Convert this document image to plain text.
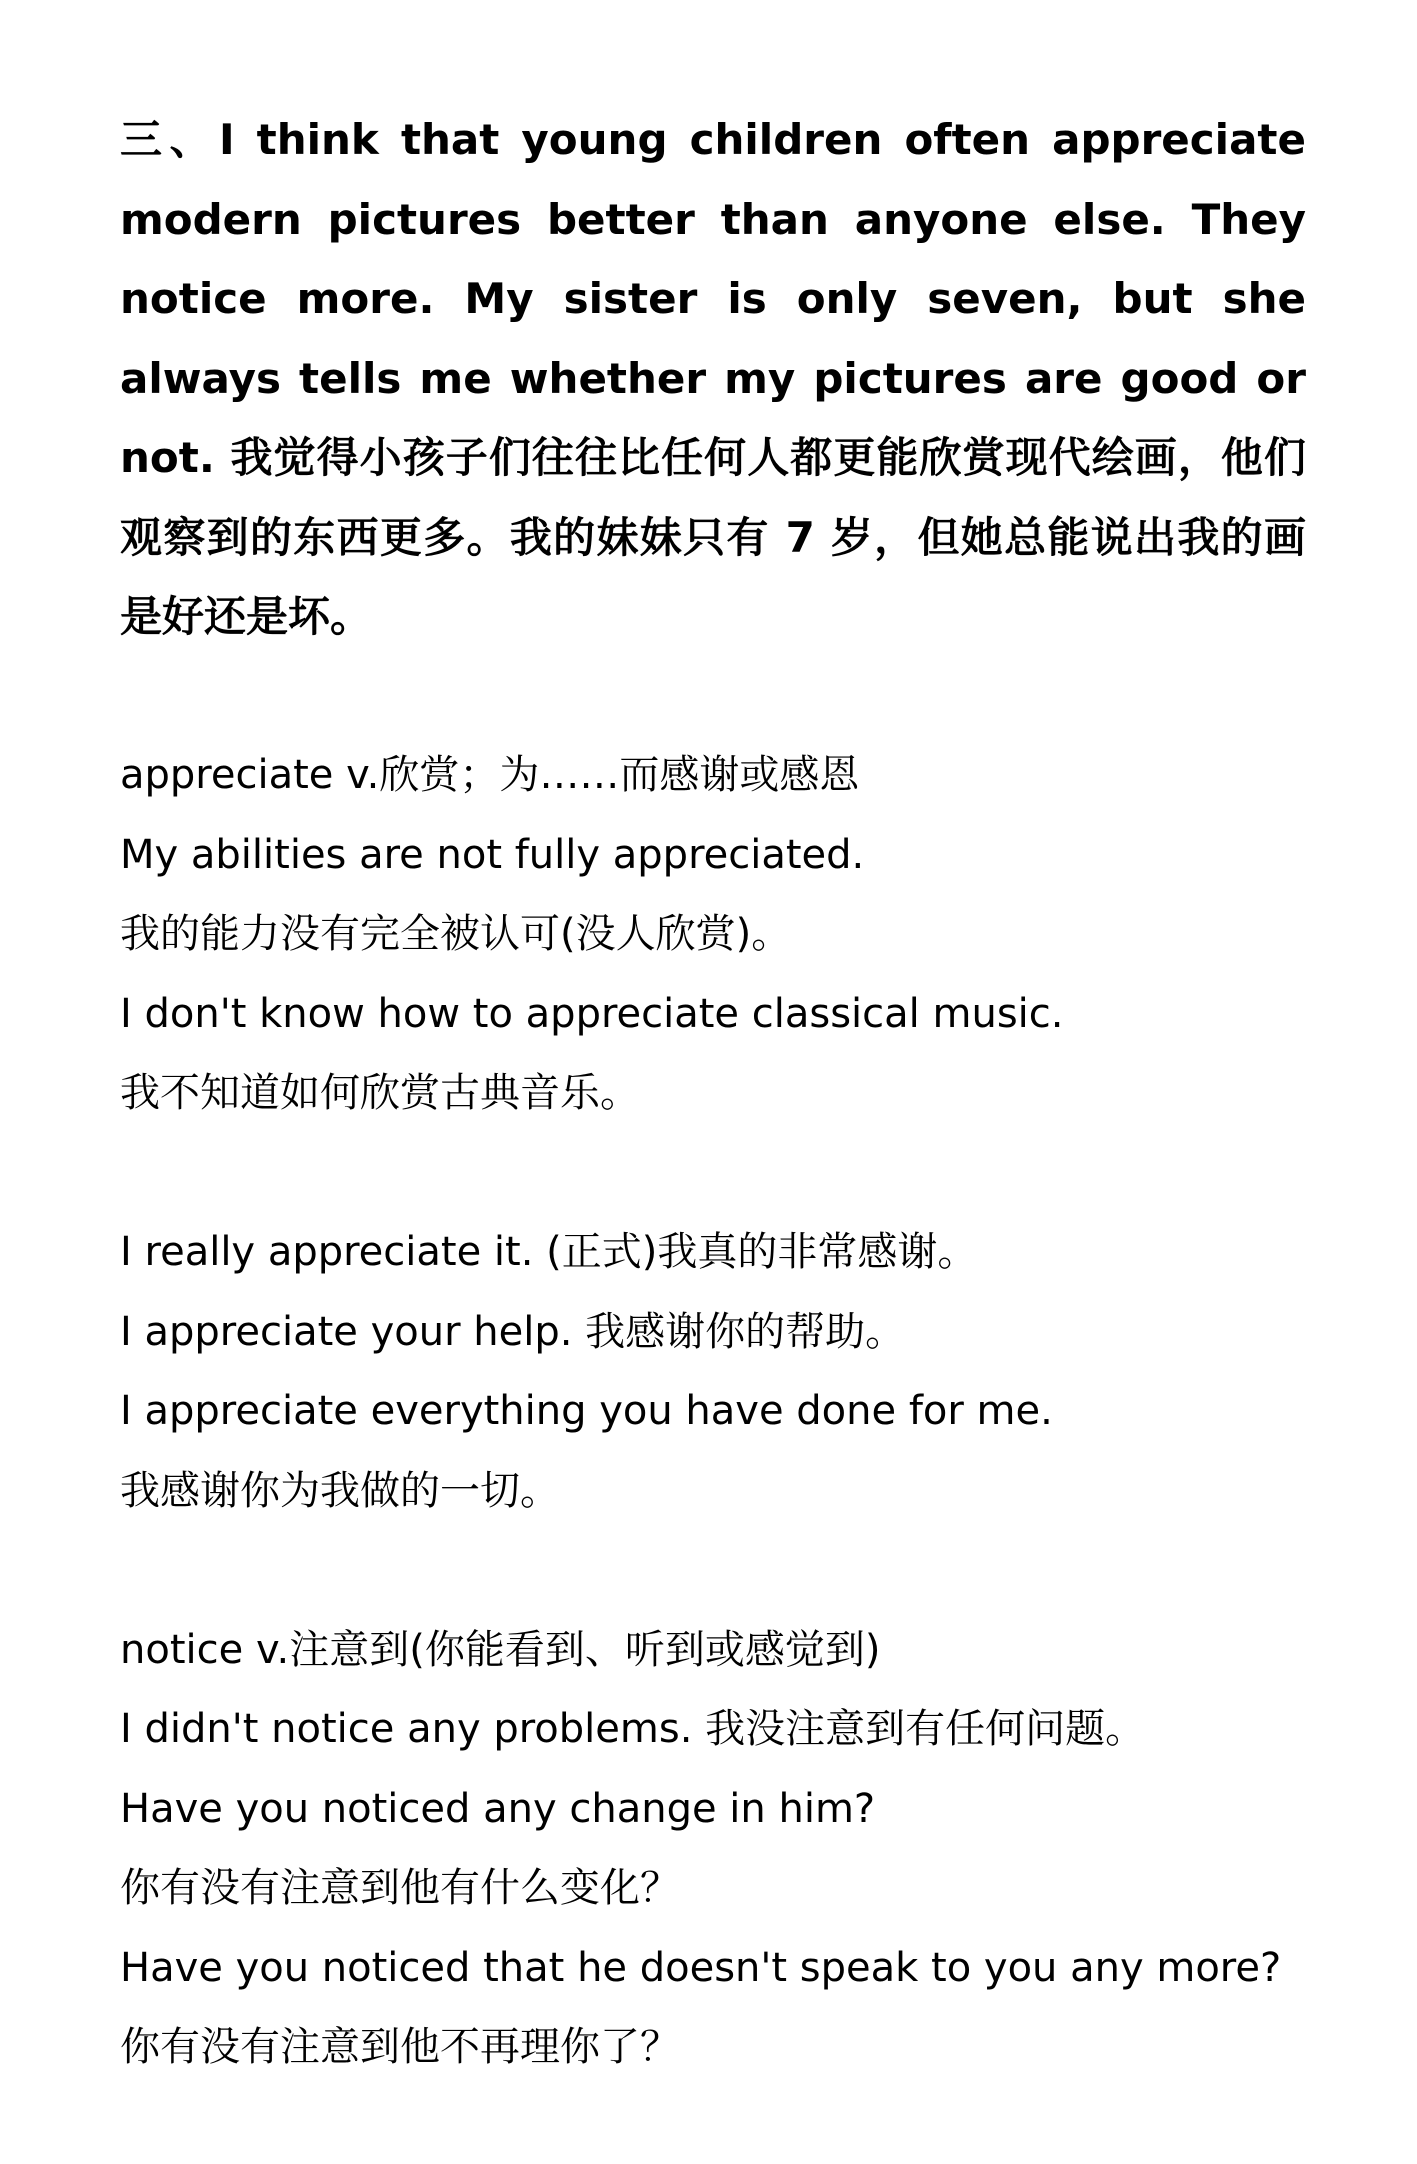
三、I think that young children often appreciate modern pictures better than anyone else. They notice more. My sister is only seven, but she always tells me whether my pictures are good or not. 我觉得小孩子们往往比任何人都更能欣赏现代绘画，他们观察到的东西更多。我的妹妹只有 7 岁，但她总能说出我的画是好还是坏。

appreciate v.欣赏；为……而感谢或感恩

My abilities are not fully appreciated.

我的能力没有完全被认可(没人欣赏)。

I don't know how to appreciate classical music.

我不知道如何欣赏古典音乐。

I really appreciate it. (正式)我真的非常感谢。

I appreciate your help. 我感谢你的帮助。

I appreciate everything you have done for me.

我感谢你为我做的一切。

notice v.注意到(你能看到、听到或感觉到)

I didn't notice any problems. 我没注意到有任何问题。

Have you noticed any change in him?

你有没有注意到他有什么变化？

Have you noticed that he doesn't speak to you any more?

你有没有注意到他不再理你了？
